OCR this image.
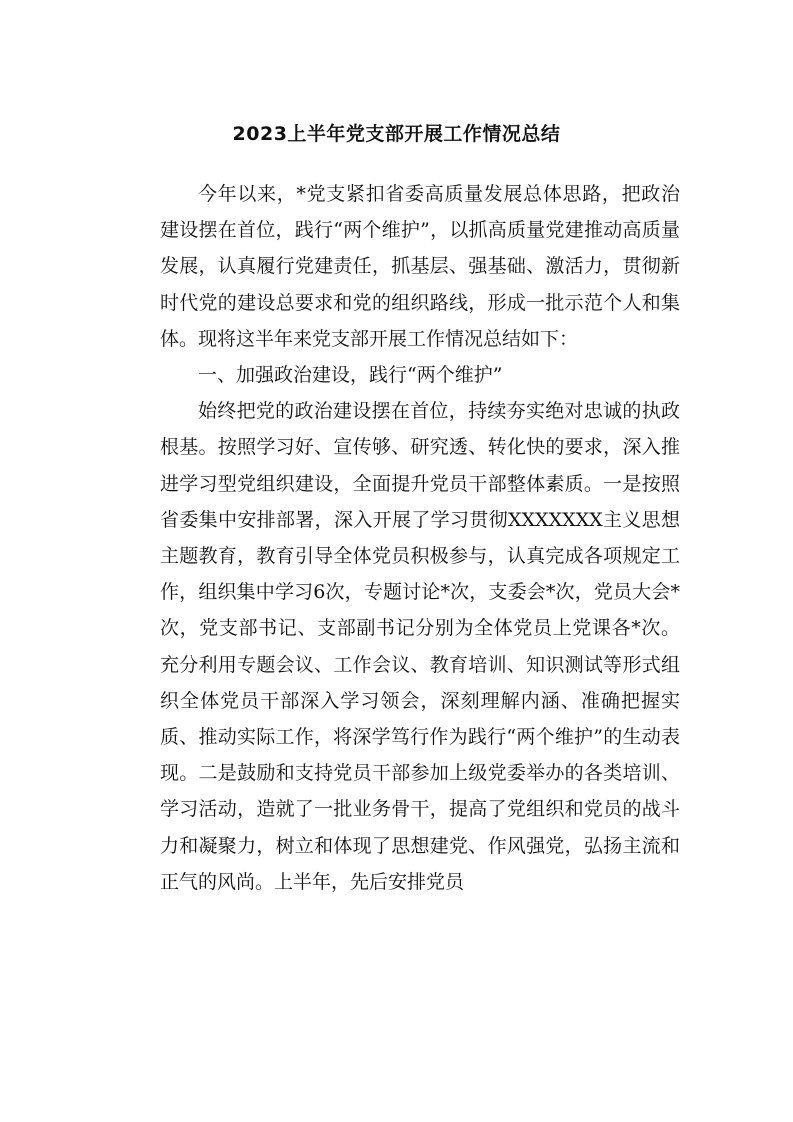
2023上半年党支部开展工作情况总结

今年以来，*党支紧扣省委高质量发展总体思路，把政治建设摆在首位，践行“两个维护”，以抓高质量党建推动高质量发展，认真履行党建责任，抓基层、强基础、激活力，贯彻新时代党的建设总要求和党的组织路线，形成一批示范个人和集体。现将这半年来党支部开展工作情况总结如下：

一、加强政治建设，践行“两个维护”

始终把党的政治建设摆在首位，持续夯实绝对忠诚的执政根基。按照学习好、宣传够、研究透、转化快的要求，深入推进学习型党组织建设，全面提升党员干部整体素质。一是按照省委集中安排部署，深入开展了学习贯彻XXXXXXX主义思想主题教育，教育引导全体党员积极参与，认真完成各项规定工作，组织集中学习6次，专题讨论*次，支委会*次，党员大会*次，党支部书记、支部副书记分别为全体党员上党课各*次。充分利用专题会议、工作会议、教育培训、知识测试等形式组织全体党员干部深入学习领会，深刻理解内涵、准确把握实质、推动实际工作，将深学笃行作为践行“两个维护”的生动表现。二是鼓励和支持党员干部参加上级党委举办的各类培训、学习活动，造就了一批业务骨干，提高了党组织和党员的战斗力和凝聚力，树立和体现了思想建党、作风强党，弘扬主流和正气的风尚。上半年，先后安排党员
